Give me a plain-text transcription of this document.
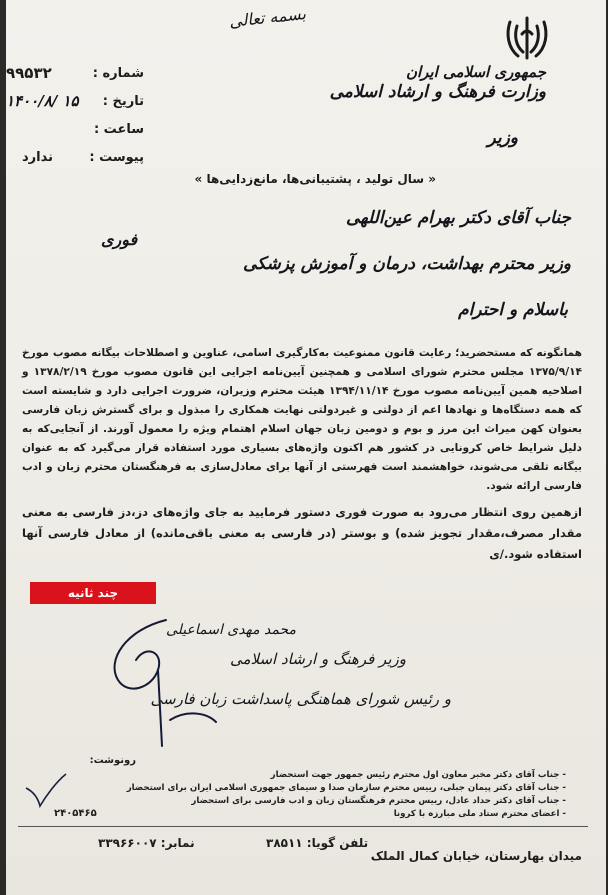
بسمه تعالی
جمهوری اسلامی ایران
وزارت فرهنگ و ارشاد اسلامی
وزیر
شماره :
۹۹۵۳۲
تاریخ :
۱۴۰۰/۸/ ۱۵
ساعت :
پیوست :
ندارد
« سال تولید ، پشتیبانی‌ها، مانع‌زدایی‌ها »
جناب آقای دکتر بهرام عین‌اللهی
فوری
وزیر محترم بهداشت، درمان و آموزش پزشکی
باسلام و احترام
همانگونه که مستحضرید؛ رعایت قانون ممنوعیت به‌کارگیری اسامی، عناوین و اصطلاحات بیگانه مصوب مورخ ۱۳۷۵/۹/۱۴ مجلس محترم شورای اسلامی و همچنین آیین‌نامه اجرایی این قانون مصوب مورخ ۱۳۷۸/۲/۱۹ و اصلاحیه همین آیین‌نامه مصوب مورخ ۱۳۹۴/۱۱/۱۴ هیئت محترم وزیران، ضرورت اجرایی دارد و شایسته است که همه دستگاه‌ها و نهادها اعم از دولتی و غیردولتی نهایت همکاری را مبذول و برای گسترش زبان فارسی بعنوان کهن میراث این مرز و بوم و دومین زبان جهان اسلام اهتمام ویژه را معمول آورند. از آنجایی‌که به دلیل شرایط خاص کرونایی در کشور هم اکنون واژه‌های بسیاری مورد استفاده قرار می‌گیرد که به عنوان بیگانه تلقی می‌شوند، خواهشمند است فهرستی از آنها برای معادل‌سازی به فرهنگستان محترم زبان و ادب فارسی ارائه شود.
ازهمین روی انتظار می‌رود به صورت فوری دستور فرمایید به جای واژه‌های دز،دز فارسی به معنی مقدار مصرف،مقدار تجویز شده) و بوستر (در فارسی به معنی باقی‌مانده) از معادل فارسی آنها استفاده شود./ی
چند ثانیه
محمد مهدی اسماعیلی
وزیر فرهنگ و ارشاد اسلامی
و رئیس شورای هماهنگی پاسداشت زبان فارسی
رونوشت:
- جناب آقای دکتر مخبر معاون اول محترم رئیس جمهور جهت استحضار
- جناب آقای دکتر پیمان جبلی، رییس محترم سازمان صدا و سیمای جمهوری اسلامی ایران برای استحضار
- جناب آقای دکتر حداد عادل، رییس محترم فرهنگستان زبان و ادب فارسی برای استحضار
- اعضای محترم ستاد ملی مبارزه با کرونا
۲۴۰۵۴۶۵
نمابر: ۳۳۹۶۶۰۰۷	تلفن گویا: ۳۸۵۱۱
میدان بهارستان، خیابان کمال الملک
